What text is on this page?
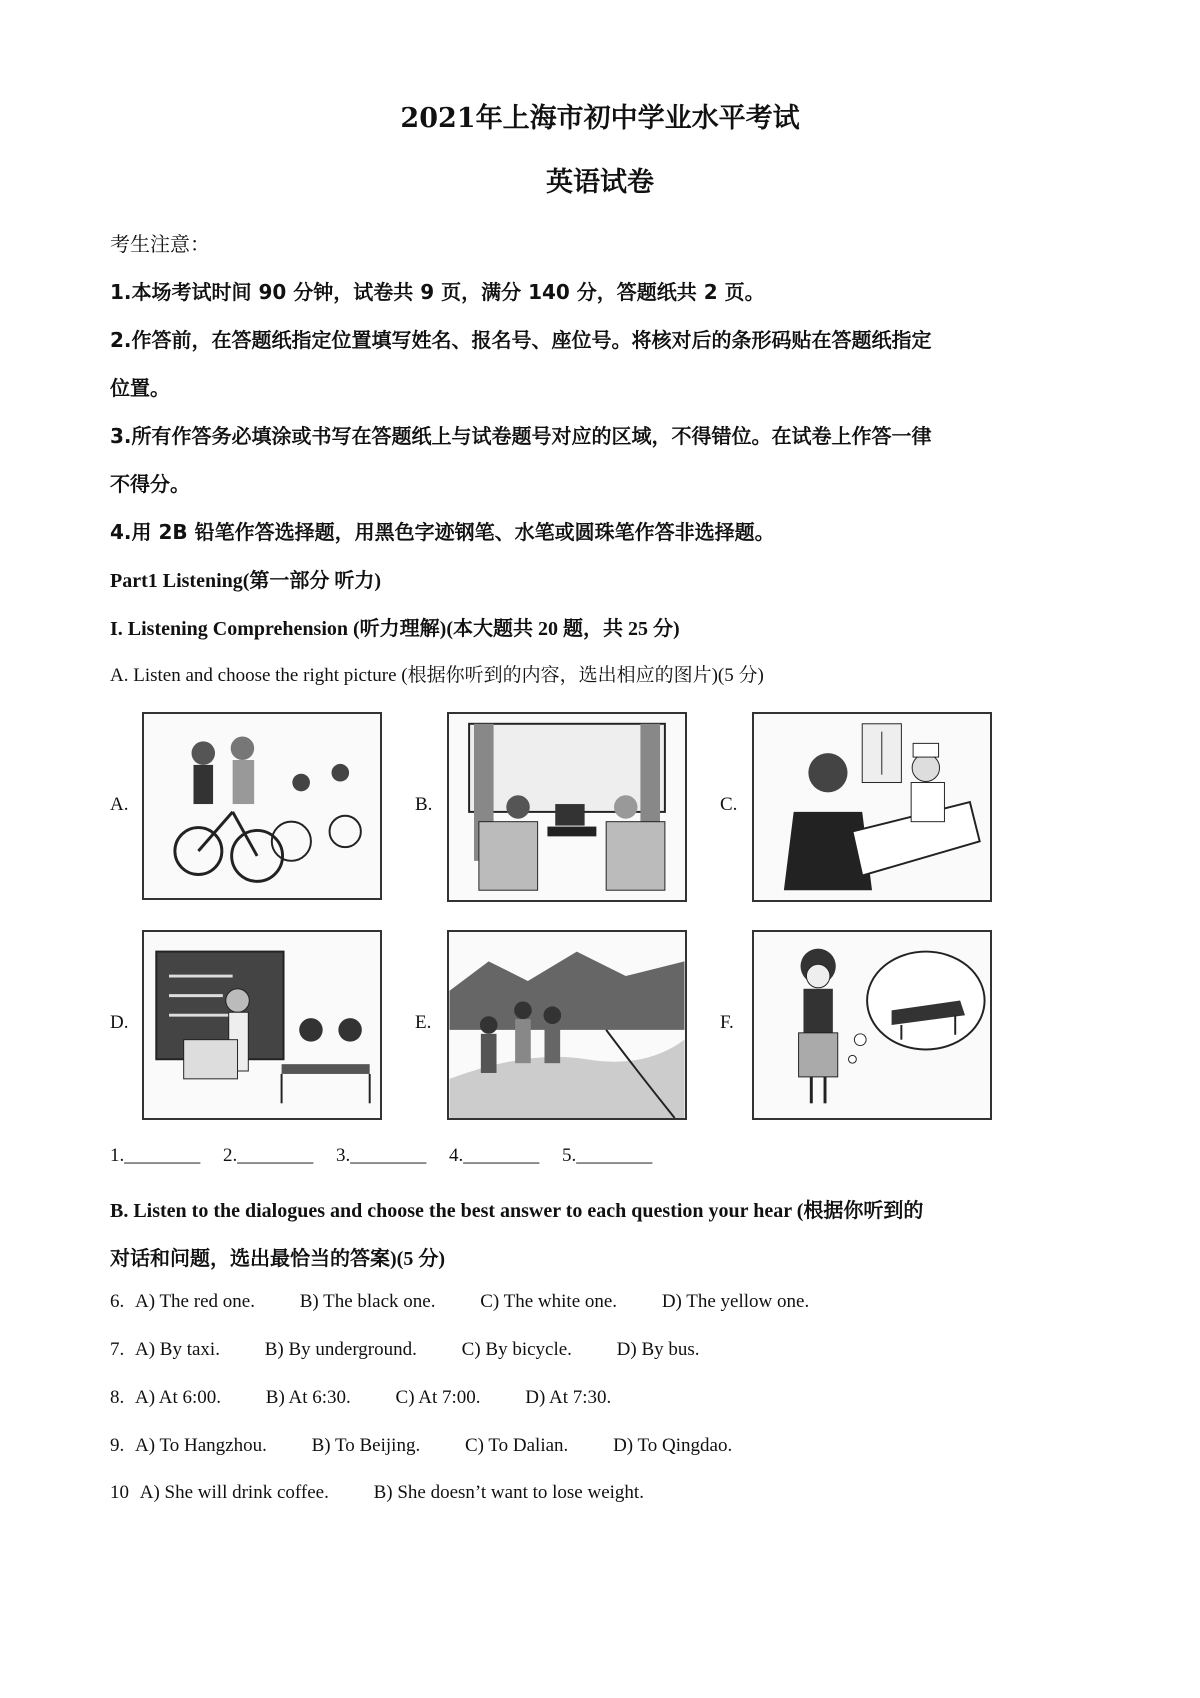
2021年上海市初中学业水平考试
英语试卷
考生注意：
1.本场考试时间 90 分钟，试卷共 9 页，满分 140 分，答题纸共 2 页。
2.作答前，在答题纸指定位置填写姓名、报名号、座位号。将核对后的条形码贴在答题纸指定
位置。
3.所有作答务必填涂或书写在答题纸上与试卷题号对应的区域，不得错位。在试卷上作答一律
不得分。
4.用 2B 铅笔作答选择题，用黑色字迹钢笔、水笔或圆珠笔作答非选择题。
Part1 Listening(第一部分 听力)
I. Listening Comprehension (听力理解)(本大题共 20 题，共 25 分)
A. Listen and choose the right picture (根据你听到的内容，选出相应的图片)(5 分)
A.	B.	C.
D.	E.	F.
1.________ 2.________ 3.________ 4.________ 5.________
B. Listen to the dialogues and choose the best answer to each question your hear (根据你听到的
对话和问题，选出最恰当的答案)(5 分)
6. A) The red one. B) The black one. C) The white one. D) The yellow one.
7. A) By taxi. B) By underground. C) By bicycle. D) By bus.
8. A) At 6:00. B) At 6:30. C) At 7:00. D) At 7:30.
9. A) To Hangzhou. B) To Beijing. C) To Dalian. D) To Qingdao.
10 A) She will drink coffee. B) She doesn’t want to lose weight.
